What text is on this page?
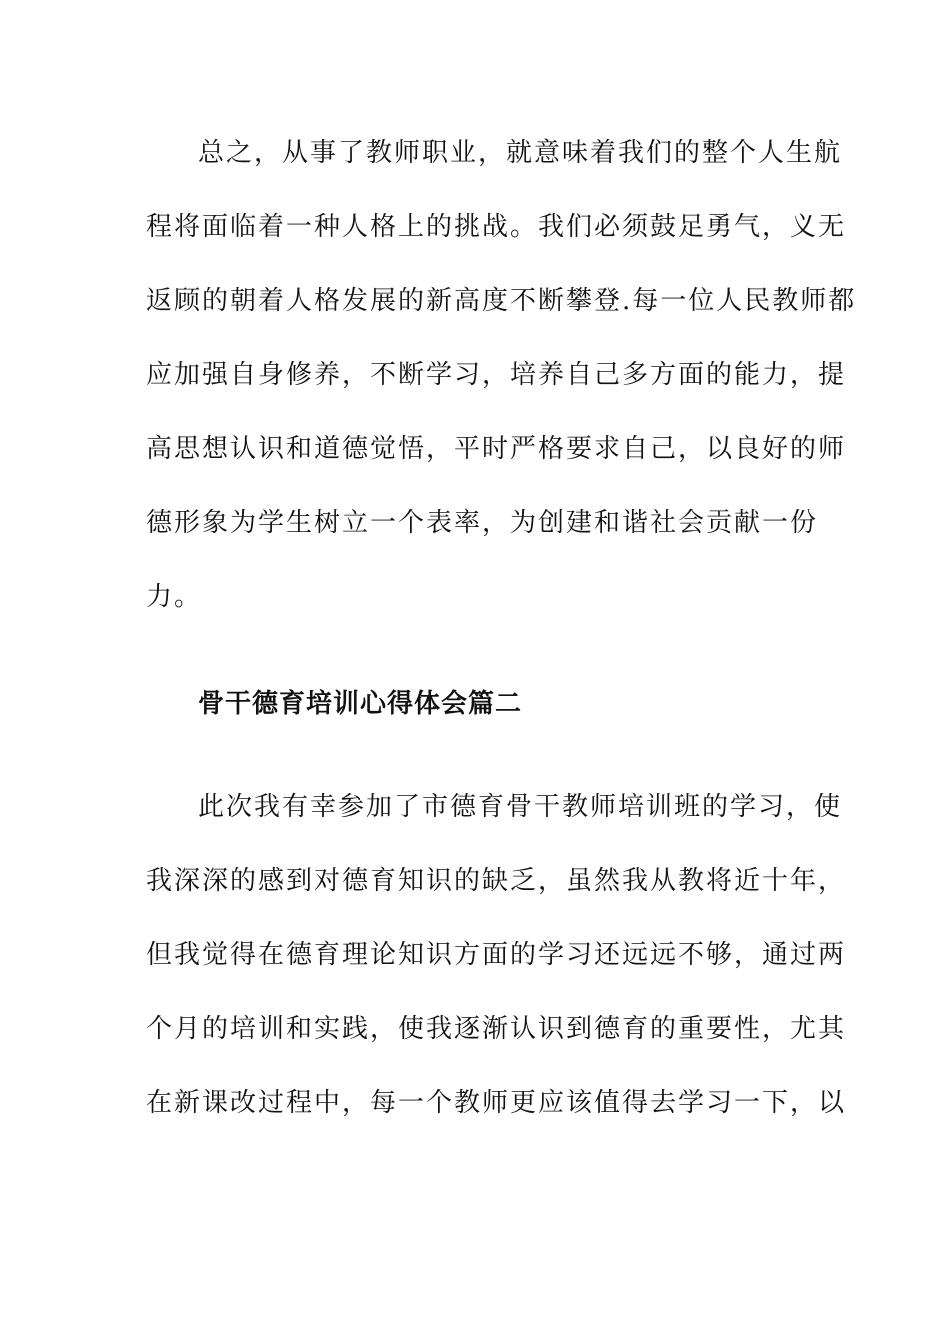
总之，从事了教师职业，就意味着我们的整个人生航
程将面临着一种人格上的挑战。我们必须鼓足勇气，义无
返顾的朝着人格发展的新高度不断攀登.每一位人民教师都
应加强自身修养，不断学习，培养自己多方面的能力，提
高思想认识和道德觉悟，平时严格要求自己，以良好的师
德形象为学生树立一个表率，为创建和谐社会贡献一份
力。
骨干德育培训心得体会篇二
此次我有幸参加了市德育骨干教师培训班的学习，使
我深深的感到对德育知识的缺乏，虽然我从教将近十年，
但我觉得在德育理论知识方面的学习还远远不够，通过两
个月的培训和实践，使我逐渐认识到德育的重要性，尤其
在新课改过程中，每一个教师更应该值得去学习一下，以
